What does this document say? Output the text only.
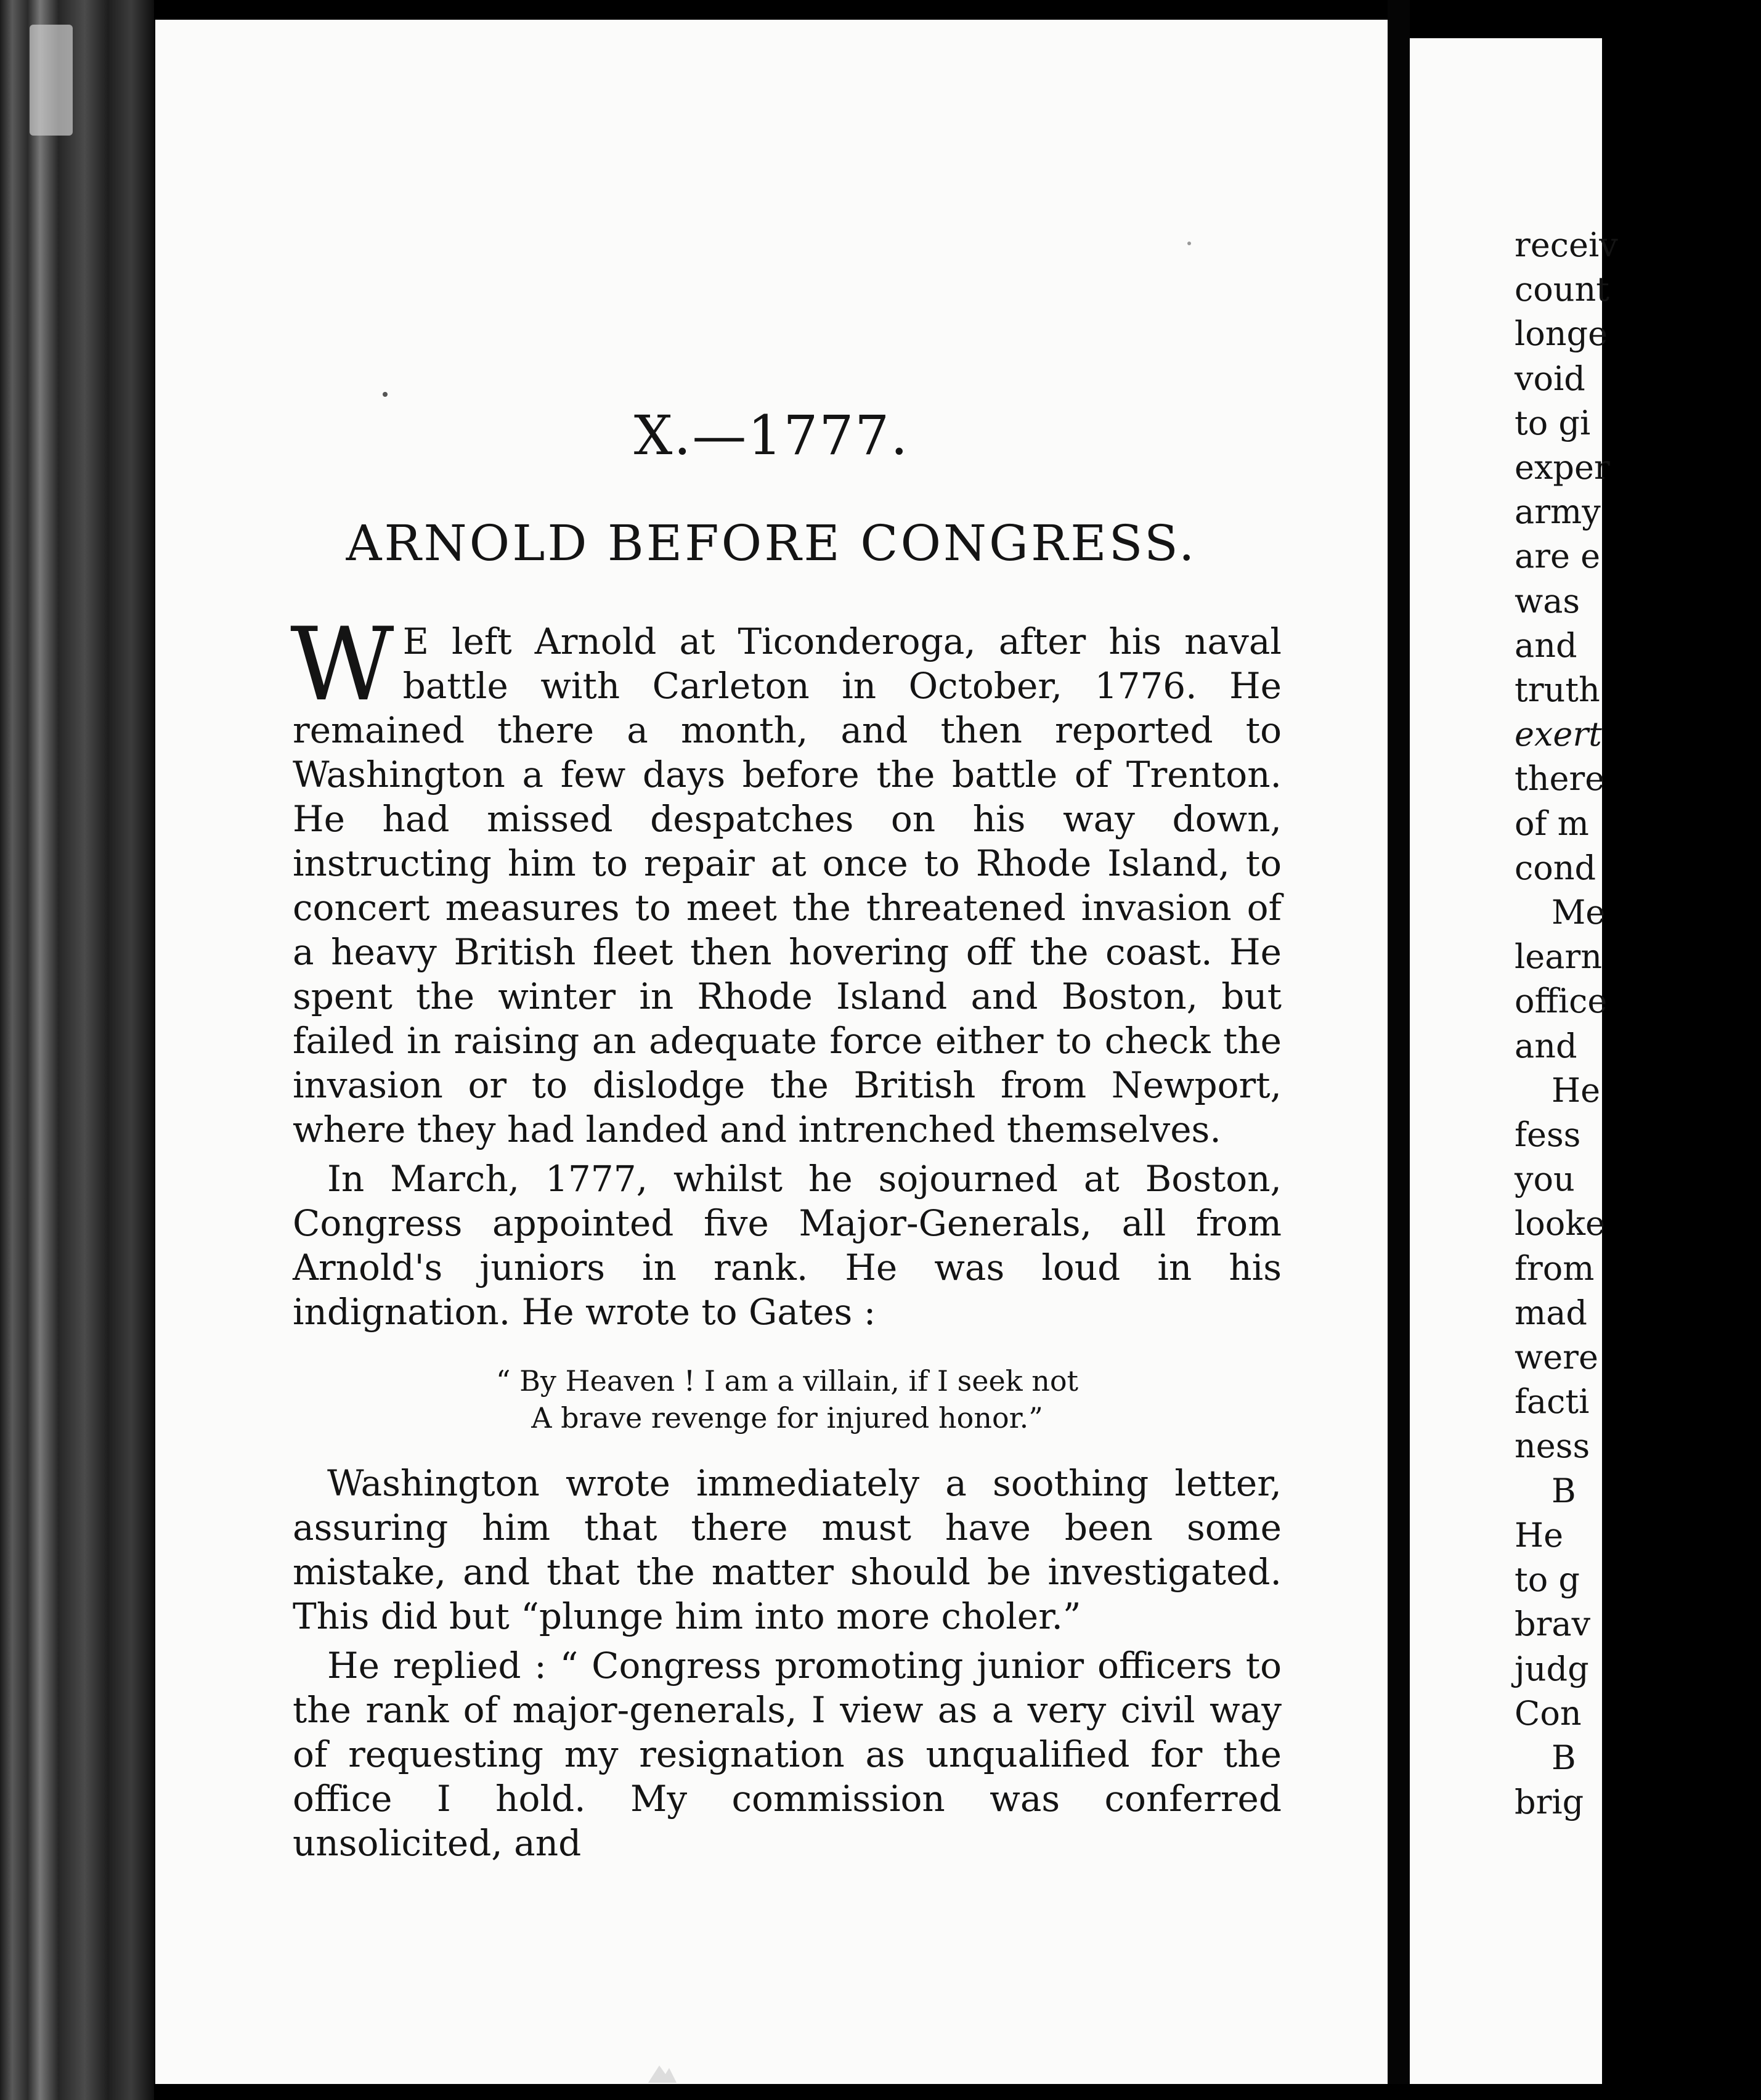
receiv
count
longe
void
to gi
exper
army
are e
was
and
truth
exert
there
of m
cond
Me
learn
office
and
He
fess
you
looke
from
mad
were
facti
ness
B
He
to g
brav
judg
Con
B
brig
X.—1777.
ARNOLD BEFORE CONGRESS.

W E left Arnold at Ticonderoga, after his naval battle with Carleton in October, 1776. He remained there a month, and then reported to Washington a few days before the battle of Trenton. He had missed despatches on his way down, instructing him to repair at once to Rhode Island, to concert measures to meet the threatened invasion of a heavy British fleet then hovering off the coast. He spent the winter in Rhode Island and Boston, but failed in raising an adequate force either to check the invasion or to dislodge the British from Newport, where they had landed and intrenched themselves.

In March, 1777, whilst he sojourned at Boston, Congress appointed five Major-Generals, all from Arnold's juniors in rank. He was loud in his indignation. He wrote to Gates :

“ By Heaven ! I am a villain, if I seek not
A brave revenge for injured honor.”

Washington wrote immediately a soothing letter, assuring him that there must have been some mistake, and that the matter should be investigated. This did but “plunge him into more choler.”

He replied : “ Congress promoting junior officers to the rank of major-generals, I view as a very civil way of requesting my resignation as unqualified for the office I hold. My commission was conferred unsolicited, and
